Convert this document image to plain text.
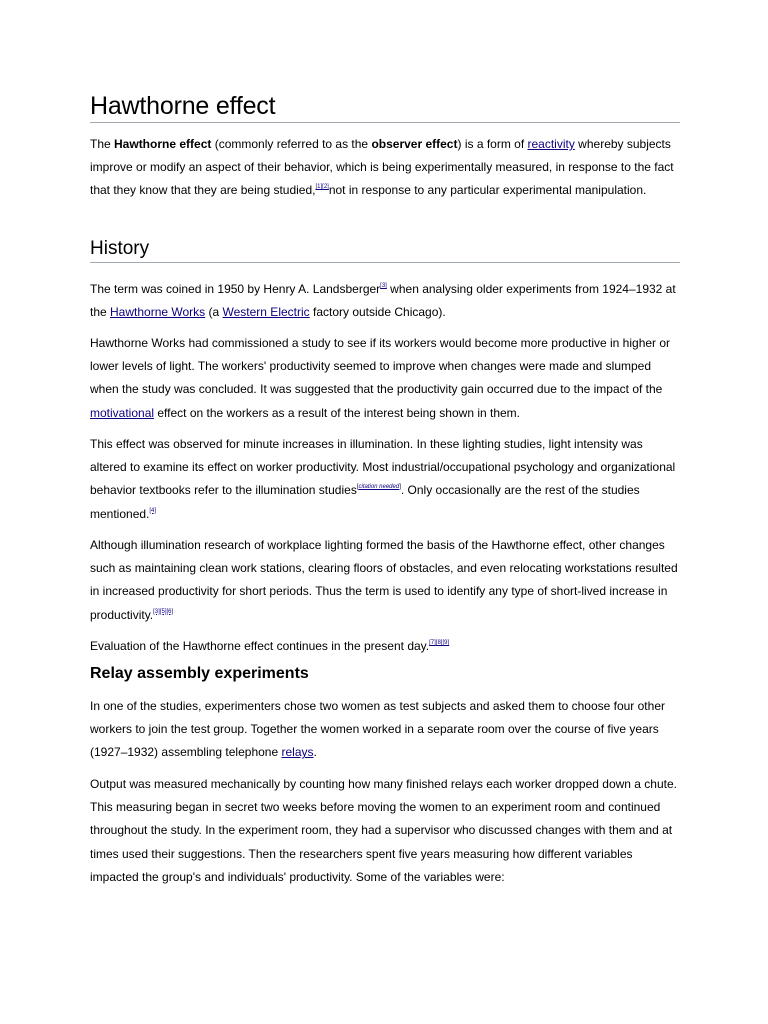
Hawthorne effect

The Hawthorne effect (commonly referred to as the observer effect) is a form of reactivity whereby subjects improve or modify an aspect of their behavior, which is being experimentally measured, in response to the fact that they know that they are being studied,[1][2]not in response to any particular experimental manipulation.

History

The term was coined in 1950 by Henry A. Landsberger[3] when analysing older experiments from 1924–1932 at the Hawthorne Works (a Western Electric factory outside Chicago).

Hawthorne Works had commissioned a study to see if its workers would become more productive in higher or lower levels of light. The workers' productivity seemed to improve when changes were made and slumped when the study was concluded. It was suggested that the productivity gain occurred due to the impact of the motivational effect on the workers as a result of the interest being shown in them.

This effect was observed for minute increases in illumination. In these lighting studies, light intensity was altered to examine its effect on worker productivity. Most industrial/occupational psychology and organizational behavior textbooks refer to the illumination studies[citation needed]. Only occasionally are the rest of the studies mentioned.[4]

Although illumination research of workplace lighting formed the basis of the Hawthorne effect, other changes such as maintaining clean work stations, clearing floors of obstacles, and even relocating workstations resulted in increased productivity for short periods. Thus the term is used to identify any type of short-lived increase in productivity.[3][5][6]

Evaluation of the Hawthorne effect continues in the present day.[7][8][9]

Relay assembly experiments

In one of the studies, experimenters chose two women as test subjects and asked them to choose four other workers to join the test group. Together the women worked in a separate room over the course of five years (1927–1932) assembling telephone relays.

Output was measured mechanically by counting how many finished relays each worker dropped down a chute. This measuring began in secret two weeks before moving the women to an experiment room and continued throughout the study. In the experiment room, they had a supervisor who discussed changes with them and at times used their suggestions. Then the researchers spent five years measuring how different variables impacted the group's and individuals' productivity. Some of the variables were:
